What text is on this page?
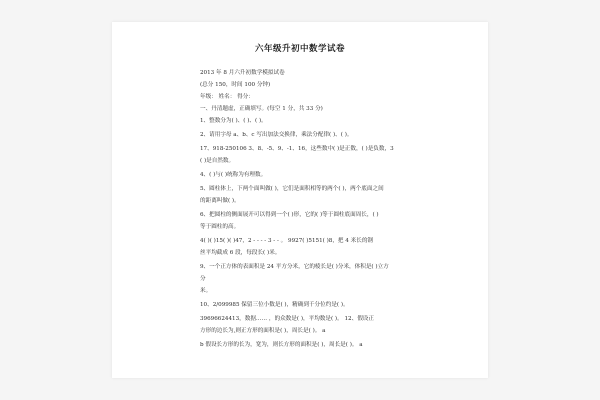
六年级升初中数学试卷
2013 年 8 月六升初数学模拟试卷
(总分 150，时间 100 分钟)
年级： 姓名： 得分：
一、丹清题虚，正确填写。(每空 1 分，共 33 分)
1、整数分为( )、( )、( )。
2、请用字母 a、b、c 写出加法交换律，乘法分配律( )、( )。
17、918-250106 3、8、-5、9、-1、16，这些数中( )是正数，( )是负数，3
( )是自然数。
4、( )与( )统称为有理数。
5、圆柱体上，下两个面叫做( )，它们是面积相等的两个( )，两个底面之间
的距离叫做( )。
6、把圆柱的侧面展开可以得到一个( )形，它的( )等于圆柱底面周长，( )
等于圆柱的高。
4( )( )15( )( )47，2 - - - - 3 - - 。 9927( )5151( )8，把 4 米长的钢
丝平均截成 6 段，每段长( )米。
9、一个正方体的表面积是 24 平方分米，它的棱长是( )分米，体积是( )立方
分
米。
10、2/099985 保留三位小数是( )，精确到千分位约是( )。
39696624413，数据…… ，的众数是( )，平均数是( )。 12、假设正
方形的边长为,则正方形的面积是( )，周长是( )。 a
b 假设长方形的长为，宽为，则长方形的面积是( )，周长是( )。 a
